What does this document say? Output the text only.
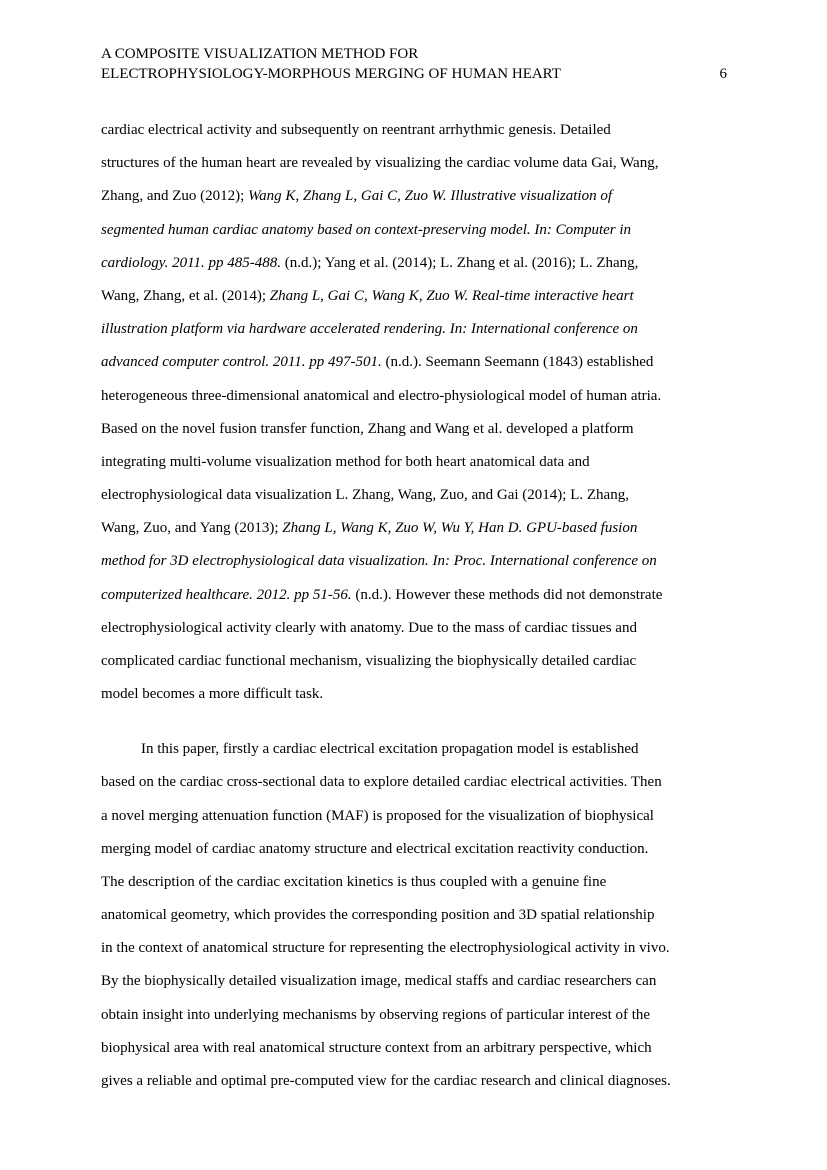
A COMPOSITE VISUALIZATION METHOD FOR
ELECTROPHYSIOLOGY-MORPHOUS MERGING OF HUMAN HEART	6
cardiac electrical activity and subsequently on reentrant arrhythmic genesis. Detailed
structures of the human heart are revealed by visualizing the cardiac volume data Gai, Wang,
Zhang, and Zuo (2012); Wang K, Zhang L, Gai C, Zuo W. Illustrative visualization of
segmented human cardiac anatomy based on context-preserving model. In: Computer in
cardiology. 2011. pp 485-488. (n.d.); Yang et al. (2014); L. Zhang et al. (2016); L. Zhang,
Wang, Zhang, et al. (2014); Zhang L, Gai C, Wang K, Zuo W. Real-time interactive heart
illustration platform via hardware accelerated rendering. In: International conference on
advanced computer control. 2011. pp 497-501. (n.d.). Seemann Seemann (1843) established
heterogeneous three-dimensional anatomical and electro-physiological model of human atria.
Based on the novel fusion transfer function, Zhang and Wang et al. developed a platform
integrating multi-volume visualization method for both heart anatomical data and
electrophysiological data visualization L. Zhang, Wang, Zuo, and Gai (2014); L. Zhang,
Wang, Zuo, and Yang (2013); Zhang L, Wang K, Zuo W, Wu Y, Han D. GPU-based fusion
method for 3D electrophysiological data visualization. In: Proc. International conference on
computerized healthcare. 2012. pp 51-56. (n.d.). However these methods did not demonstrate
electrophysiological activity clearly with anatomy. Due to the mass of cardiac tissues and
complicated cardiac functional mechanism, visualizing the biophysically detailed cardiac
model becomes a more difficult task.
In this paper, firstly a cardiac electrical excitation propagation model is established
based on the cardiac cross-sectional data to explore detailed cardiac electrical activities. Then
a novel merging attenuation function (MAF) is proposed for the visualization of biophysical
merging model of cardiac anatomy structure and electrical excitation reactivity conduction.
The description of the cardiac excitation kinetics is thus coupled with a genuine fine
anatomical geometry, which provides the corresponding position and 3D spatial relationship
in the context of anatomical structure for representing the electrophysiological activity in vivo.
By the biophysically detailed visualization image, medical staffs and cardiac researchers can
obtain insight into underlying mechanisms by observing regions of particular interest of the
biophysical area with real anatomical structure context from an arbitrary perspective, which
gives a reliable and optimal pre-computed view for the cardiac research and clinical diagnoses.
